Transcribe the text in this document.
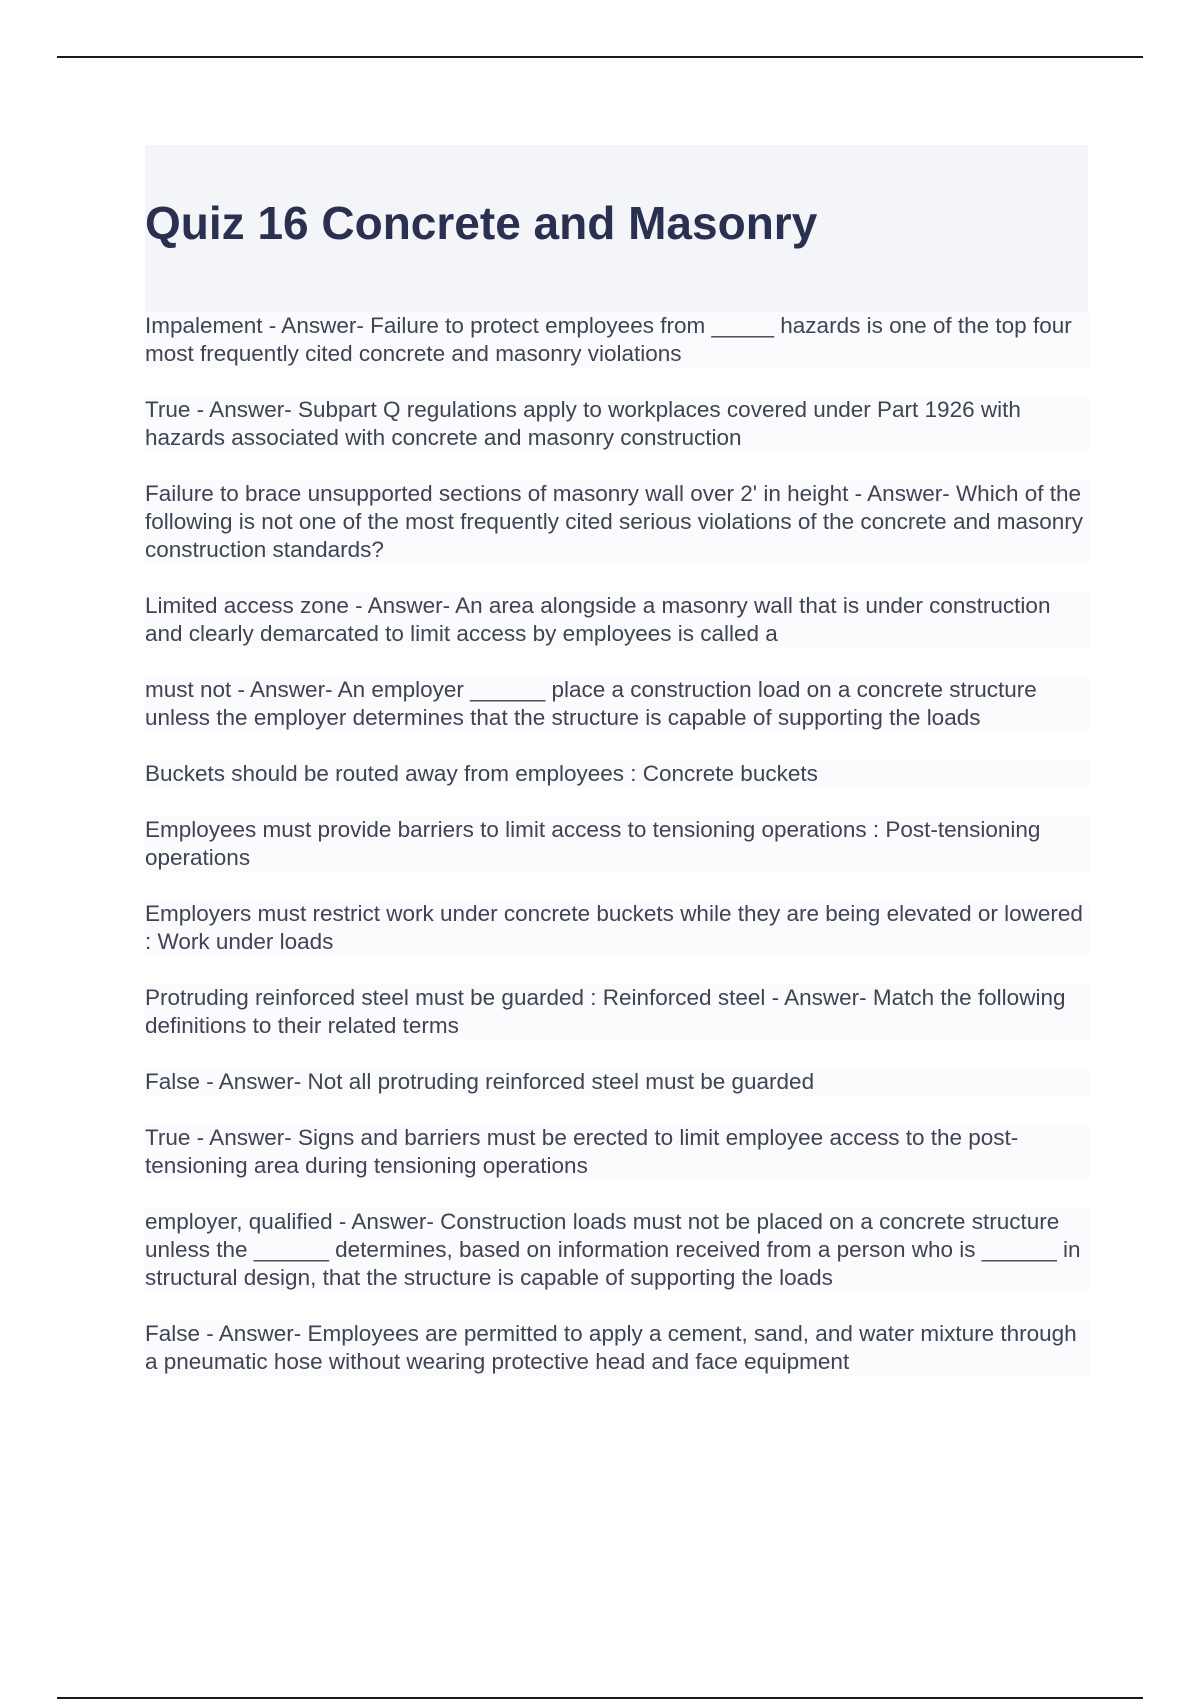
Quiz 16 Concrete and Masonry

Impalement - Answer- Failure to protect employees from _____ hazards is one of the top four most frequently cited concrete and masonry violations

True - Answer- Subpart Q regulations apply to workplaces covered under Part 1926 with hazards associated with concrete and masonry construction

Failure to brace unsupported sections of masonry wall over 2' in height - Answer- Which of the following is not one of the most frequently cited serious violations of the concrete and masonry construction standards?

Limited access zone - Answer- An area alongside a masonry wall that is under construction and clearly demarcated to limit access by employees is called a

must not - Answer- An employer ______ place a construction load on a concrete structure unless the employer determines that the structure is capable of supporting the loads

Buckets should be routed away from employees : Concrete buckets

Employees must provide barriers to limit access to tensioning operations : Post-tensioning operations

Employers must restrict work under concrete buckets while they are being elevated or lowered : Work under loads

Protruding reinforced steel must be guarded : Reinforced steel - Answer- Match the following definitions to their related terms

False - Answer- Not all protruding reinforced steel must be guarded

True - Answer- Signs and barriers must be erected to limit employee access to the post-tensioning area during tensioning operations

employer, qualified - Answer- Construction loads must not be placed on a concrete structure unless the ______ determines, based on information received from a person who is ______ in structural design, that the structure is capable of supporting the loads

False - Answer- Employees are permitted to apply a cement, sand, and water mixture through a pneumatic hose without wearing protective head and face equipment
